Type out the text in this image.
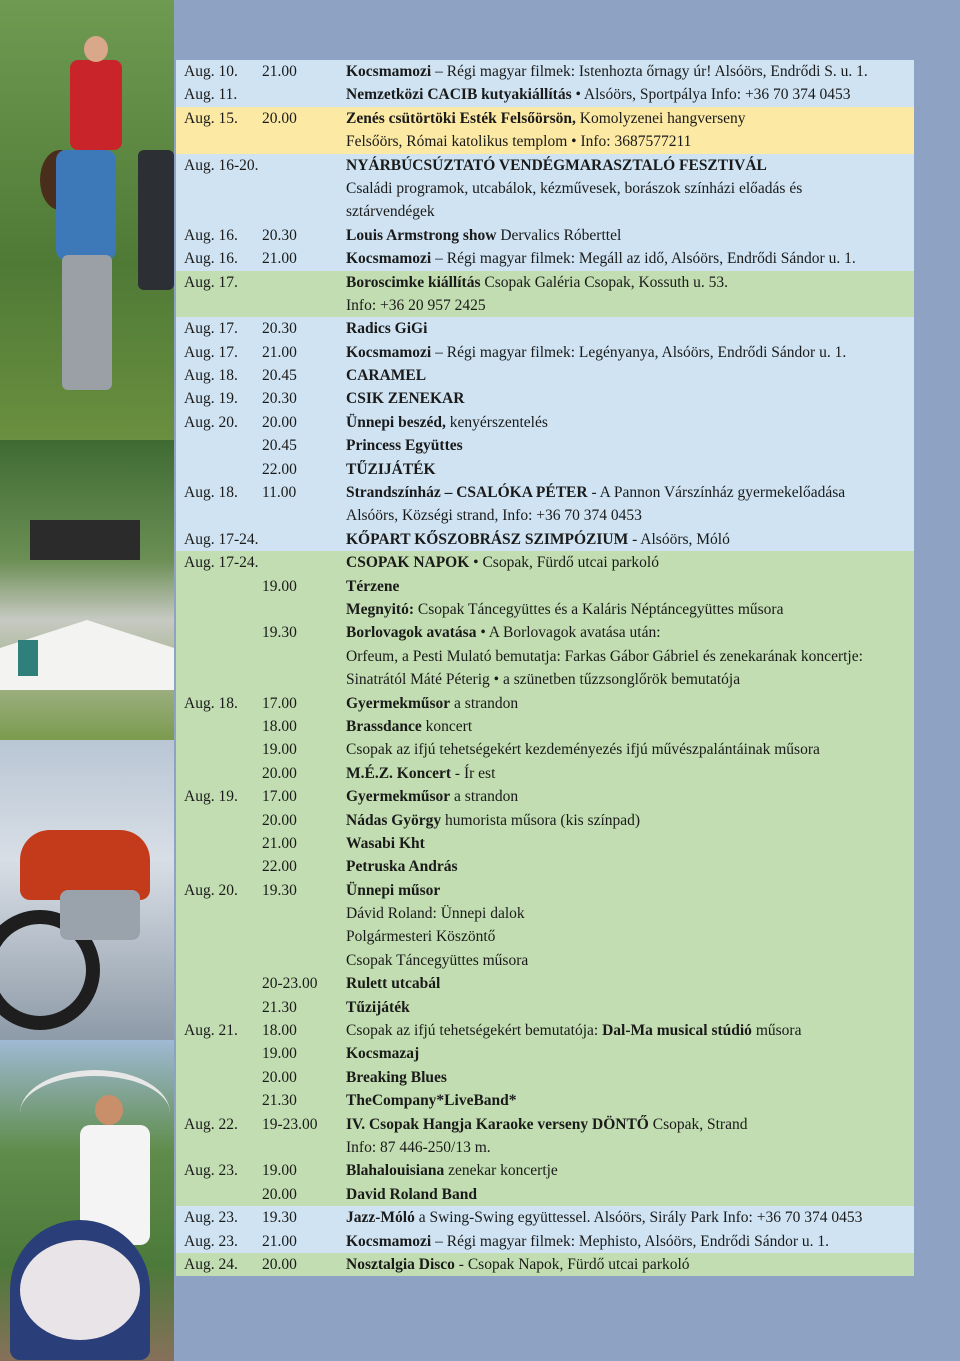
Aug. 10.	21.00	Kocsmamozi – Régi magyar filmek: Istenhozta őrnagy úr! Alsóörs, Endrődi S. u. 1.
Aug. 11.	Nemzetközi CACIB kutyakiállítás • Alsóörs, Sportpálya Info: +36 70 374 0453
Aug. 15.	20.00	Zenés csütörtöki Esték Felsőörsön, Komolyzenei hangverseny
Felsőörs, Római katolikus templom • Info: 3687577211
Aug. 16-20.	NYÁRBÚCSÚZTATÓ VENDÉGMARASZTALÓ FESZTIVÁL
Családi programok, utcabálok, kézművesek, borászok színházi előadás és
sztárvendégek
Aug. 16.	20.30	Louis Armstrong show Dervalics Róberttel
Aug. 16.	21.00	Kocsmamozi – Régi magyar filmek: Megáll az idő, Alsóörs, Endrődi Sándor u. 1.
Aug. 17.	Boroscimke kiállítás Csopak Galéria Csopak, Kossuth u. 53.
Info: +36 20 957 2425
Aug. 17.	20.30	Radics GiGi
Aug. 17.	21.00	Kocsmamozi – Régi magyar filmek: Legényanya, Alsóörs, Endrődi Sándor u. 1.
Aug. 18.	20.45	CARAMEL
Aug. 19.	20.30	CSIK ZENEKAR
Aug. 20.	20.00	Ünnepi beszéd, kenyérszentelés
20.45	Princess Együttes
22.00	TŰZIJÁTÉK
Aug. 18.	11.00	Strandszínház – CSALÓKA PÉTER - A Pannon Várszínház gyermekelőadása
Alsóörs, Községi strand, Info: +36 70 374 0453
Aug. 17-24.	KŐPART KŐSZOBRÁSZ SZIMPÓZIUM - Alsóörs, Móló
Aug. 17-24.	CSOPAK NAPOK • Csopak, Fürdő utcai parkoló
19.00	Térzene
Megnyitó: Csopak Táncegyüttes és a Kaláris Néptáncegyüttes műsora
19.30	Borlovagok avatása • A Borlovagok avatása után:
Orfeum, a Pesti Mulató bemutatja: Farkas Gábor Gábriel és zenekarának koncertje:
Sinatrától Máté Péterig • a szünetben tűzzsonglőrök bemutatója
Aug. 18.	17.00	Gyermekműsor a strandon
18.00	Brassdance koncert
19.00	Csopak az ifjú tehetségekért kezdeményezés ifjú művészpalántáinak műsora
20.00	M.É.Z. Koncert - Ír est
Aug. 19.	17.00	Gyermekműsor a strandon
20.00	Nádas György humorista műsora (kis színpad)
21.00	Wasabi Kht
22.00	Petruska András
Aug. 20.	19.30	Ünnepi műsor
Dávid Roland: Ünnepi dalok
Polgármesteri Köszöntő
Csopak Táncegyüttes műsora
20-23.00	Rulett utcabál
21.30	Tűzijáték
Aug. 21.	18.00	Csopak az ifjú tehetségekért bemutatója: Dal-Ma musical stúdió műsora
19.00	Kocsmazaj
20.00	Breaking Blues
21.30	TheCompany*LiveBand*
Aug. 22.	19-23.00	IV. Csopak Hangja Karaoke verseny DÖNTŐ Csopak, Strand
Info: 87 446-250/13 m.
Aug. 23.	19.00	Blahalouisiana zenekar koncertje
20.00	David Roland Band
Aug. 23.	19.30	Jazz-Móló a Swing-Swing együttessel. Alsóörs, Sirály Park Info: +36 70 374 0453
Aug. 23.	21.00	Kocsmamozi – Régi magyar filmek: Mephisto, Alsóörs, Endrődi Sándor u. 1.
Aug. 24.	20.00	Nosztalgia Disco - Csopak Napok, Fürdő utcai parkoló
